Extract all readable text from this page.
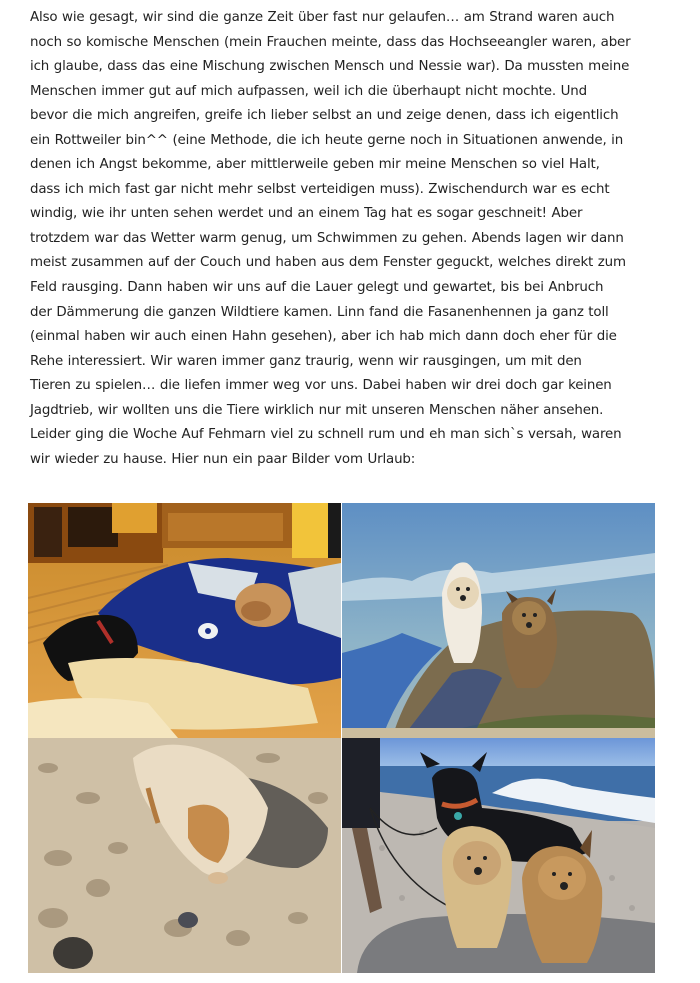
Also wie gesagt, wir sind die ganze Zeit über fast nur gelaufen… am Strand waren auch
noch so komische Menschen (mein Frauchen meinte, dass das Hochseeangler waren, aber
ich glaube, dass das eine Mischung zwischen Mensch und Nessie war). Da mussten meine
Menschen immer gut auf mich aufpassen, weil ich die überhaupt nicht mochte. Und
bevor die mich angreifen, greife ich lieber selbst an und zeige denen, dass ich eigentlich
ein Rottweiler bin^^ (eine Methode, die ich heute gerne noch in Situationen anwende, in
denen ich Angst bekomme, aber mittlerweile geben mir meine Menschen so viel Halt,
dass ich mich fast gar nicht mehr selbst verteidigen muss). Zwischendurch war es echt
windig, wie ihr unten sehen werdet und an einem Tag hat es sogar geschneit! Aber
trotzdem war das Wetter warm genug, um Schwimmen zu gehen. Abends lagen wir dann
meist zusammen auf der Couch und haben aus dem Fenster geguckt, welches direkt zum
Feld rausging. Dann haben wir uns auf die Lauer gelegt und gewartet, bis bei Anbruch
der Dämmerung die ganzen Wildtiere kamen. Linn fand die Fasanenhennen ja ganz toll
(einmal haben wir auch einen Hahn gesehen), aber ich hab mich dann doch eher für die
Rehe interessiert. Wir waren immer ganz traurig, wenn wir rausgingen, um mit den
Tieren zu spielen… die liefen immer weg vor uns. Dabei haben wir drei doch gar keinen
Jagdtrieb, wir wollten uns die Tiere wirklich nur mit unseren Menschen näher ansehen.
Leider ging die Woche Auf Fehmarn viel zu schnell rum und eh man sich`s versah, waren
wir wieder zu hause. Hier nun ein paar Bilder vom Urlaub:
